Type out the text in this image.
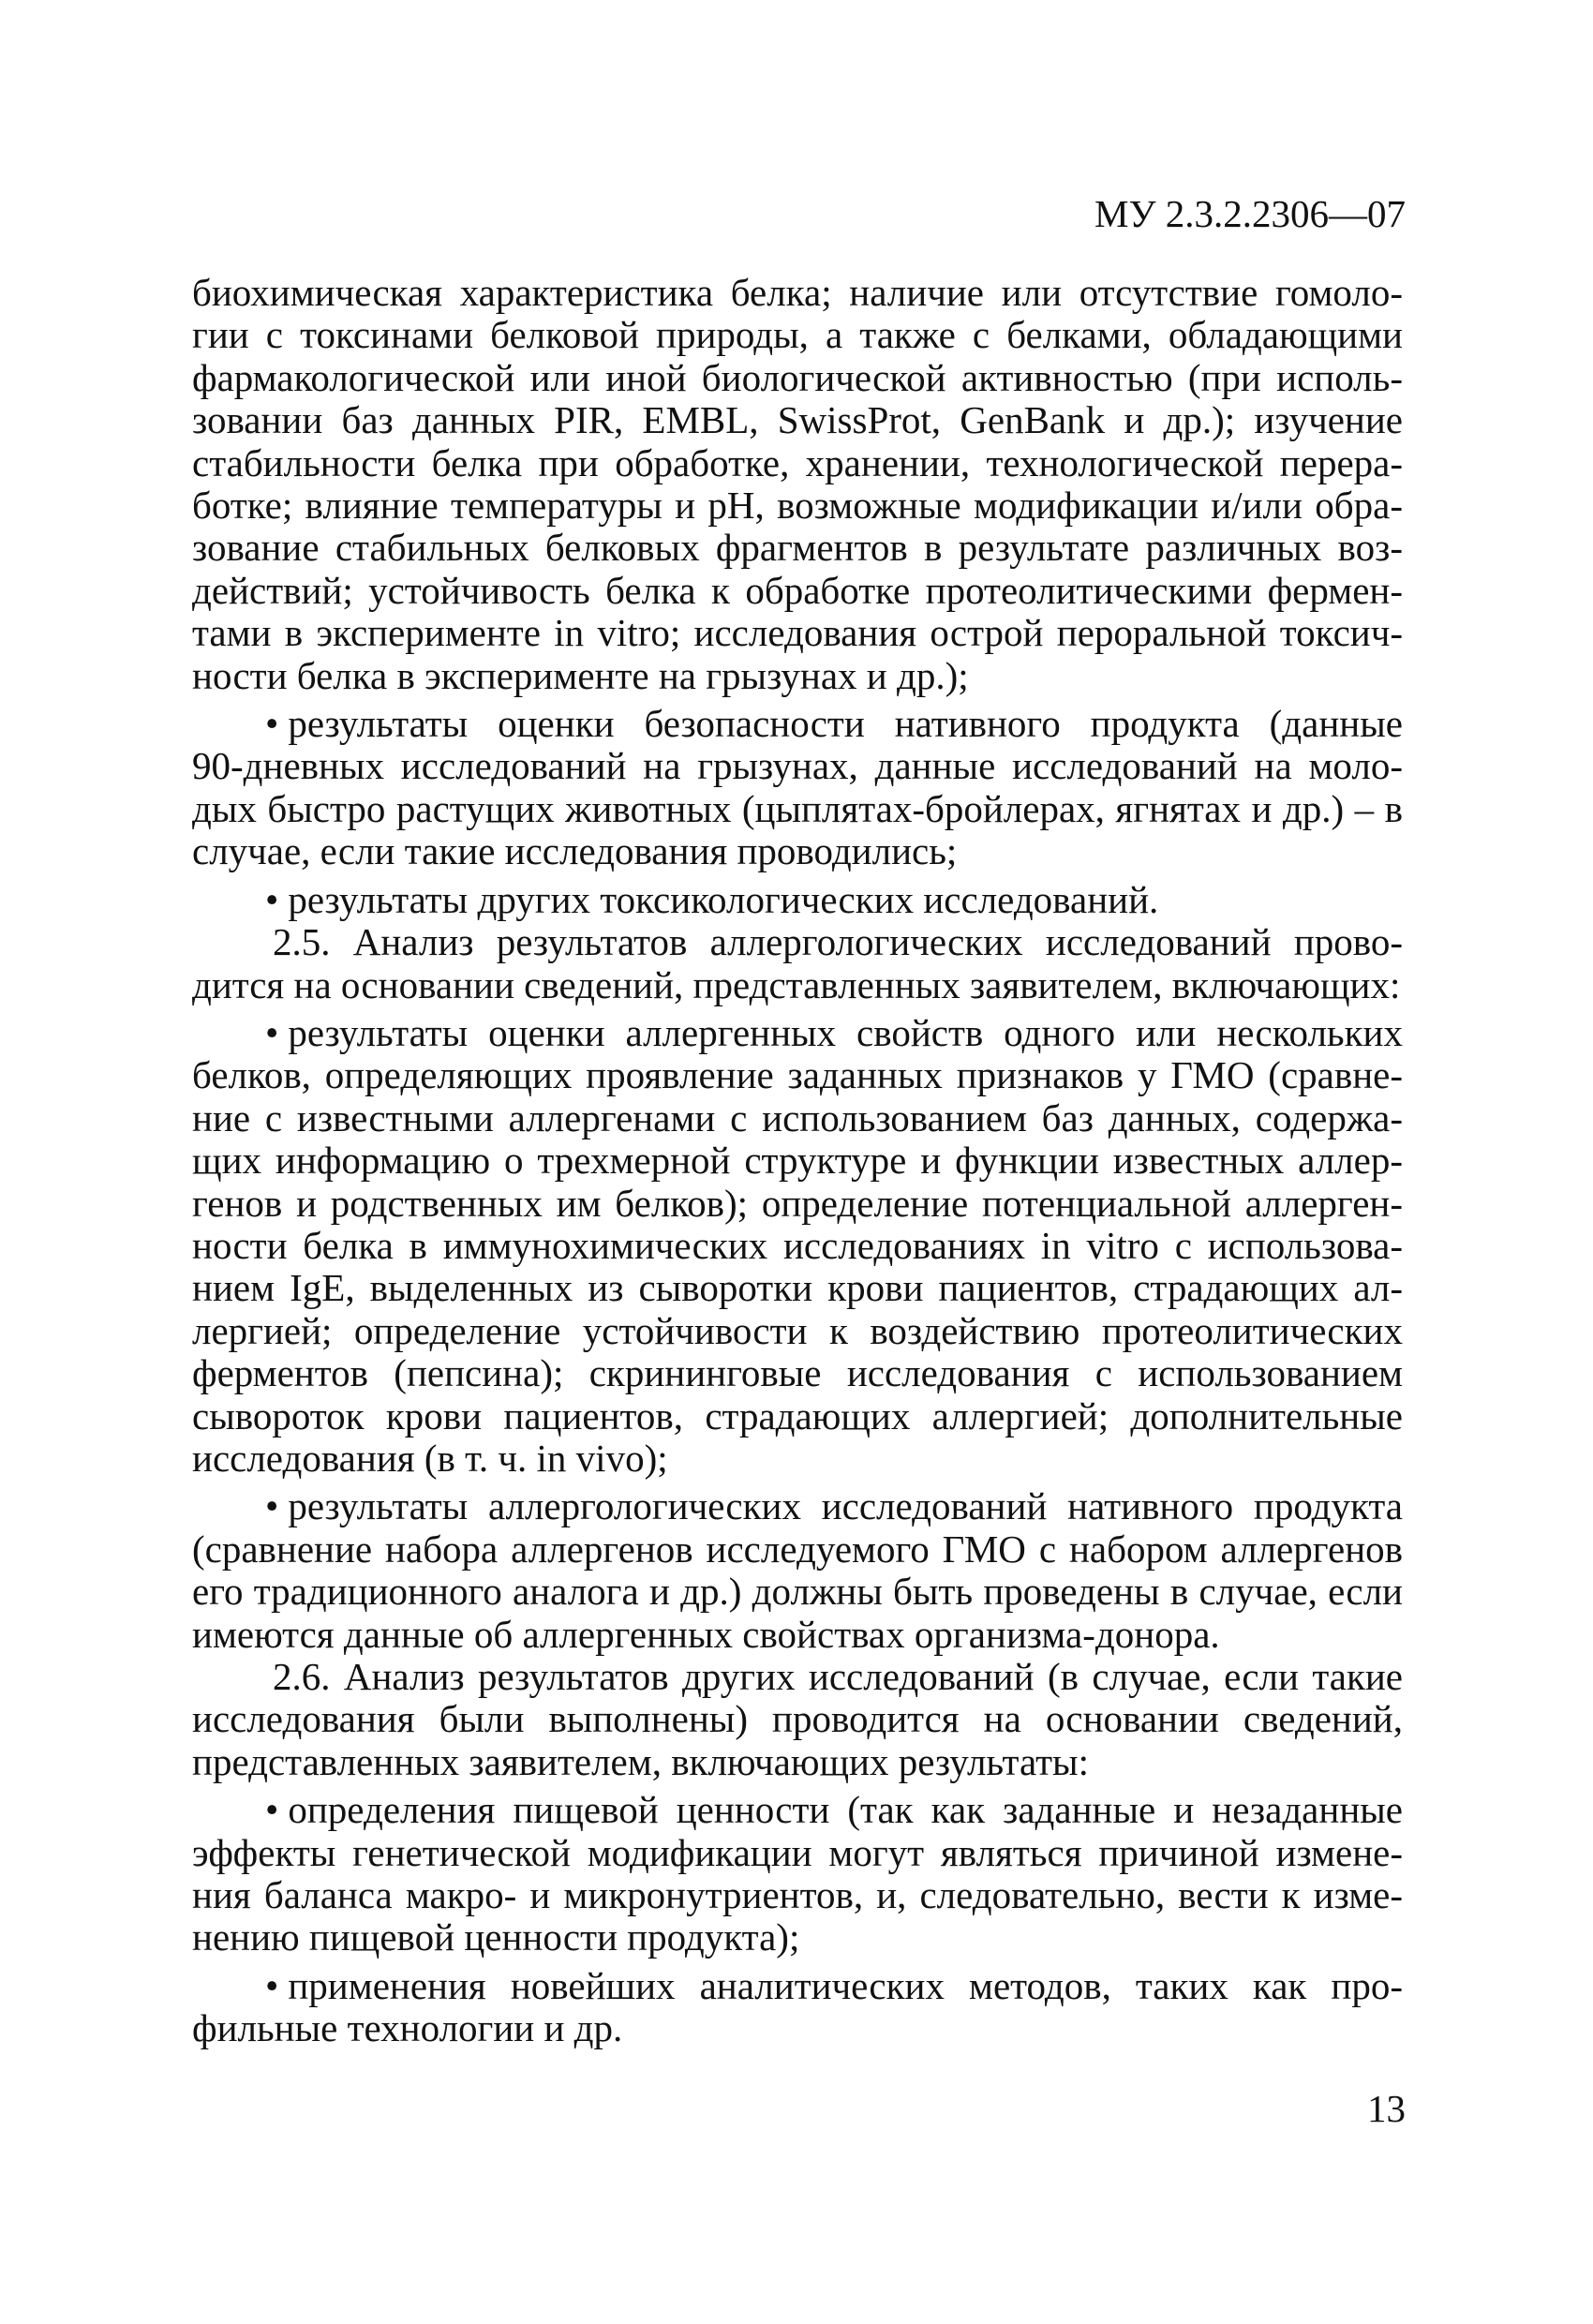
МУ 2.3.2.2306—07
биохимическая характеристика белка; наличие или отсутствие гомоло-
гии с токсинами белковой природы, а также с белками, обладающими
фармакологической или иной биологической активностью (при исполь-
зовании баз данных PIR, EMBL, SwissProt, GenBank и др.); изучение
стабильности белка при обработке, хранении, технологической перера-
ботке; влияние температуры и pH, возможные модификации и/или обра-
зование стабильных белковых фрагментов в результате различных воз-
действий; устойчивость белка к обработке протеолитическими фермен-
тами в эксперименте in vitro; исследования острой пероральной токсич-
ности белка в эксперименте на грызунах и др.);
• результаты оценки безопасности нативного продукта (данные
90-дневных исследований на грызунах, данные исследований на моло-
дых быстро растущих животных (цыплятах-бройлерах, ягнятах и др.) – в
случае, если такие исследования проводились;
• результаты других токсикологических исследований.
2.5. Анализ результатов аллергологических исследований прово-
дится на основании сведений, представленных заявителем, включающих:
• результаты оценки аллергенных свойств одного или нескольких
белков, определяющих проявление заданных признаков у ГМО (сравне-
ние с известными аллергенами с использованием баз данных, содержа-
щих информацию о трехмерной структуре и функции известных аллер-
генов и родственных им белков); определение потенциальной аллерген-
ности белка в иммунохимических исследованиях in vitro с использова-
нием IgE, выделенных из сыворотки крови пациентов, страдающих ал-
лергией; определение устойчивости к воздействию протеолитических
ферментов (пепсина); скрининговые исследования с использованием
сывороток крови пациентов, страдающих аллергией; дополнительные
исследования (в т. ч. in vivo);
• результаты аллергологических исследований нативного продукта
(сравнение набора аллергенов исследуемого ГМО с набором аллергенов
его традиционного аналога и др.) должны быть проведены в случае, если
имеются данные об аллергенных свойствах организма-донора.
2.6. Анализ результатов других исследований (в случае, если такие
исследования были выполнены) проводится на основании сведений,
представленных заявителем, включающих результаты:
• определения пищевой ценности (так как заданные и незаданные
эффекты генетической модификации могут являться причиной измене-
ния баланса макро- и микронутриентов, и, следовательно, вести к изме-
нению пищевой ценности продукта);
• применения новейших аналитических методов, таких как про-
фильные технологии и др.
13
